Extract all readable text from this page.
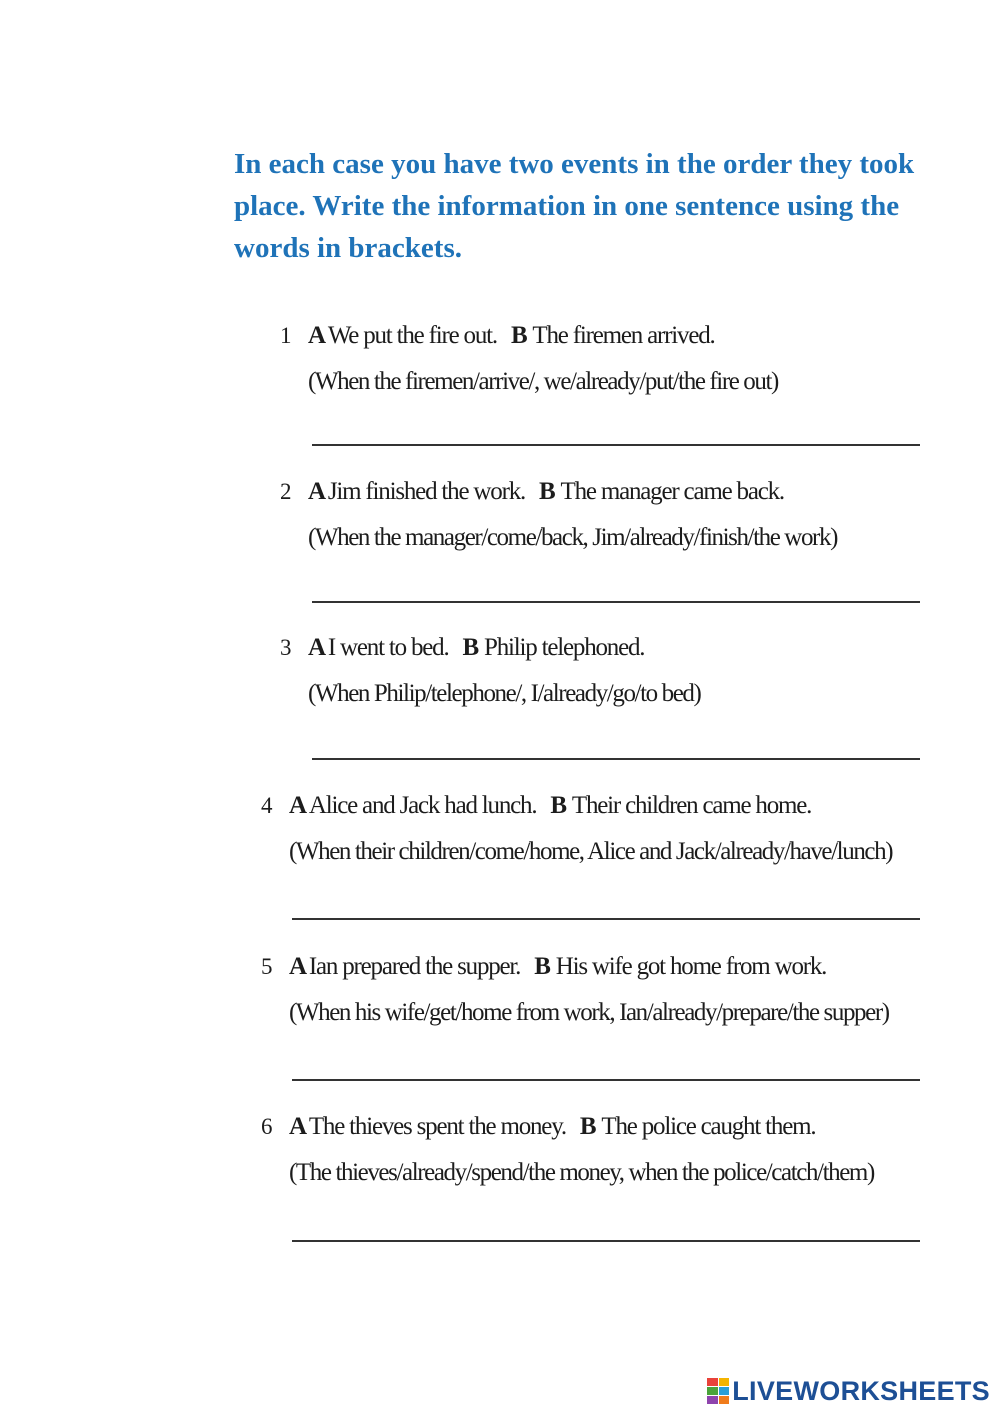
In each case you have two events in the order they took place. Write the information in one sentence using the words in brackets.

1 A We put the fire out. B The firemen arrived.
(When the firemen/arrive/, we/already/put/the fire out)
2 A Jim finished the work. B The manager came back.
(When the manager/come/back, Jim/already/finish/the work)
3 A I went to bed. B Philip telephoned.
(When Philip/telephone/, I/already/go/to bed)
4 A Alice and Jack had lunch. B Their children came home.
(When their children/come/home, Alice and Jack/already/have/lunch)
5 A Ian prepared the supper. B His wife got home from work.
(When his wife/get/home from work, Ian/already/prepare/the supper)
6 A The thieves spent the money. B The police caught them.
(The thieves/already/spend/the money, when the police/catch/them)
LIVEWORKSHEETS
